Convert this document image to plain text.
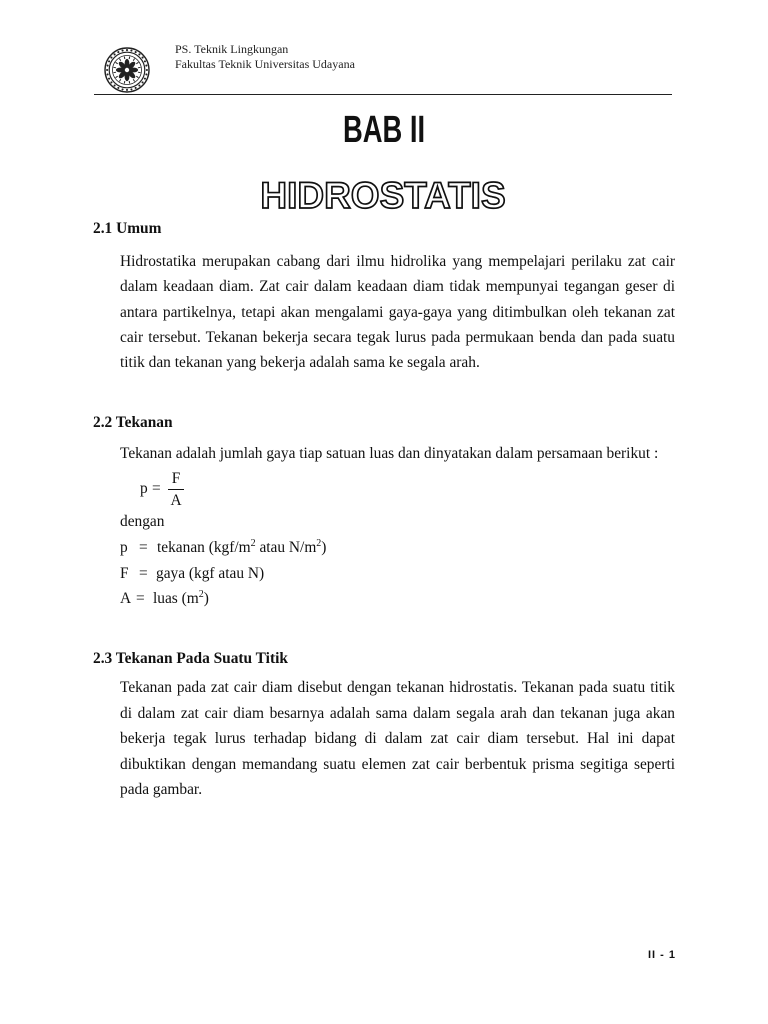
PS. Teknik Lingkungan
Fakultas Teknik Universitas Udayana
BAB II
HIDROSTATIS
2.1 Umum
Hidrostatika merupakan cabang dari ilmu hidrolika yang mempelajari perilaku zat cair
dalam keadaan diam. Zat cair dalam keadaan diam tidak mempunyai tegangan geser di
antara partikelnya, tetapi akan mengalami gaya-gaya yang ditimbulkan oleh tekanan zat
cair tersebut. Tekanan bekerja secara tegak lurus pada permukaan benda dan pada suatu
titik dan tekanan yang bekerja adalah sama ke segala arah.
2.2 Tekanan
Tekanan adalah jumlah gaya tiap satuan luas dan dinyatakan dalam persamaan berikut :
p =
F
A
dengan
p = tekanan ($kgf/m^2$ atau $N/m^2$)
F = gaya (kgf atau N)
A = luas $(m^2)$
2.3 Tekanan Pada Suatu Titik
Tekanan pada zat cair diam disebut dengan tekanan hidrostatis. Tekanan pada suatu titik
di dalam zat cair diam besarnya adalah sama dalam segala arah dan tekanan juga akan
bekerja tegak lurus terhadap bidang di dalam zat cair diam tersebut. Hal ini dapat
dibuktikan dengan memandang suatu elemen zat cair berbentuk prisma segitiga seperti
pada gambar.
II - 1
